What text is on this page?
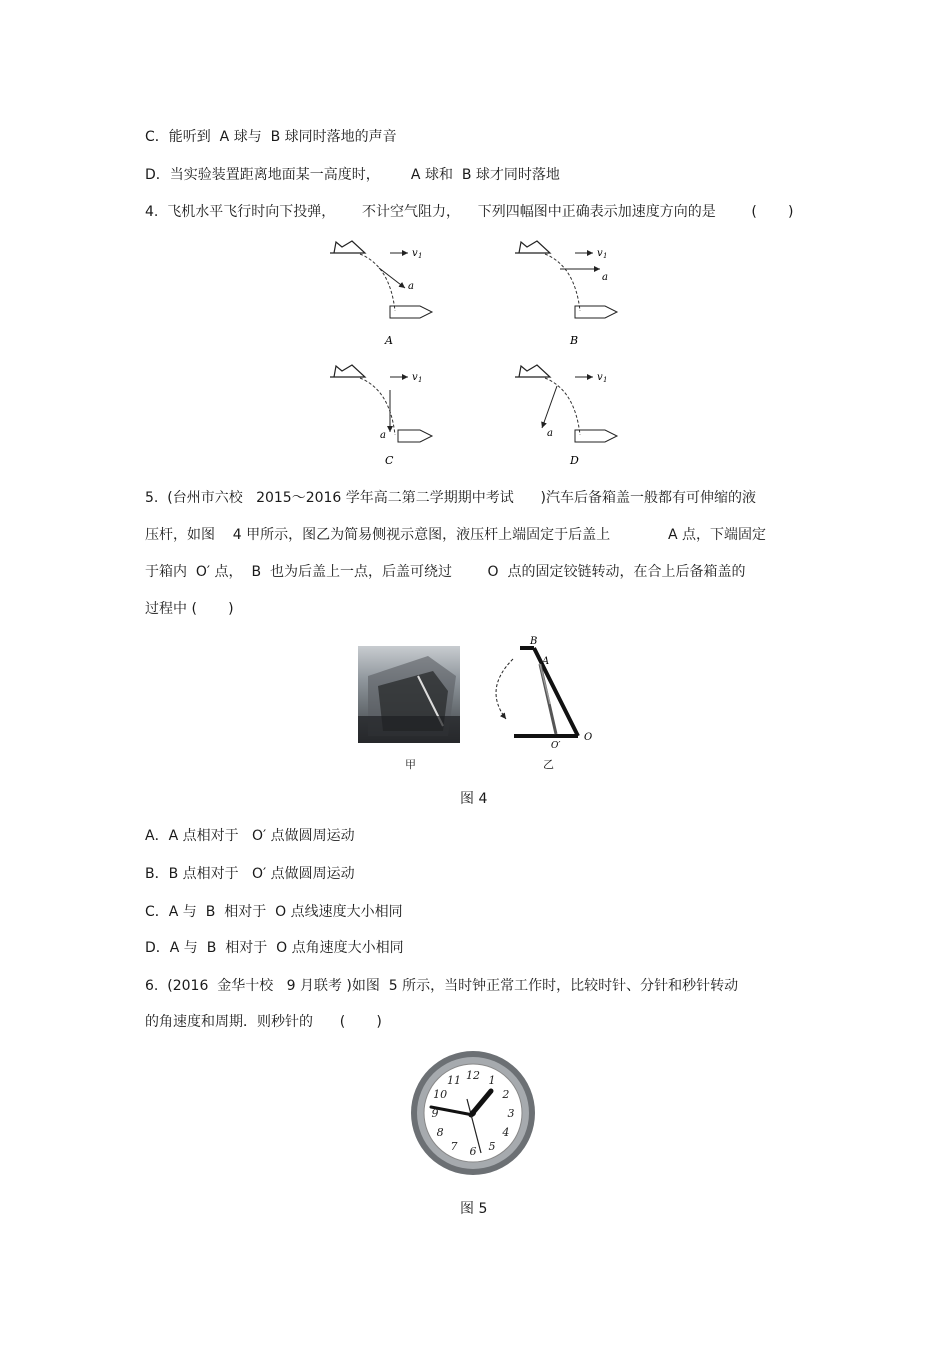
C．能听到  A 球与  B 球同时落地的声音
D．当实验装置距离地面某一高度时，       A 球和  B 球才同时落地
4.  飞机水平飞行时向下投弹，      不计空气阻力，    下列四幅图中正确表示加速度方向的是        (       )
v 1
a
A
v 1
a
B
v 1
a
C
v 1
a
D
5.  (台州市六校   2015～2016 学年高二第二学期期中考试      )汽车后备箱盖一般都有可伸缩的液
压杆，如图    4 甲所示，图乙为简易侧视示意图，液压杆上端固定于后盖上             A 点，下端固定
于箱内  O′ 点，  B  也为后盖上一点，后盖可绕过        O  点的固定铰链转动，在合上后备箱盖的
过程中 (       )
甲
B
A
O
O′
乙
图 4
A．A 点相对于   O′ 点做圆周运动
B．B 点相对于   O′ 点做圆周运动
C．A 与  B  相对于  O 点线速度大小相同
D．A 与  B  相对于  O 点角速度大小相同
6.  (2016  金华十校   9 月联考 )如图  5 所示，当时钟正常工作时，比较时针、分针和秒针转动
的角速度和周期．则秒针的      (       )
12 1
2
3
4
5
6
7
8
9
10
11
图 5
